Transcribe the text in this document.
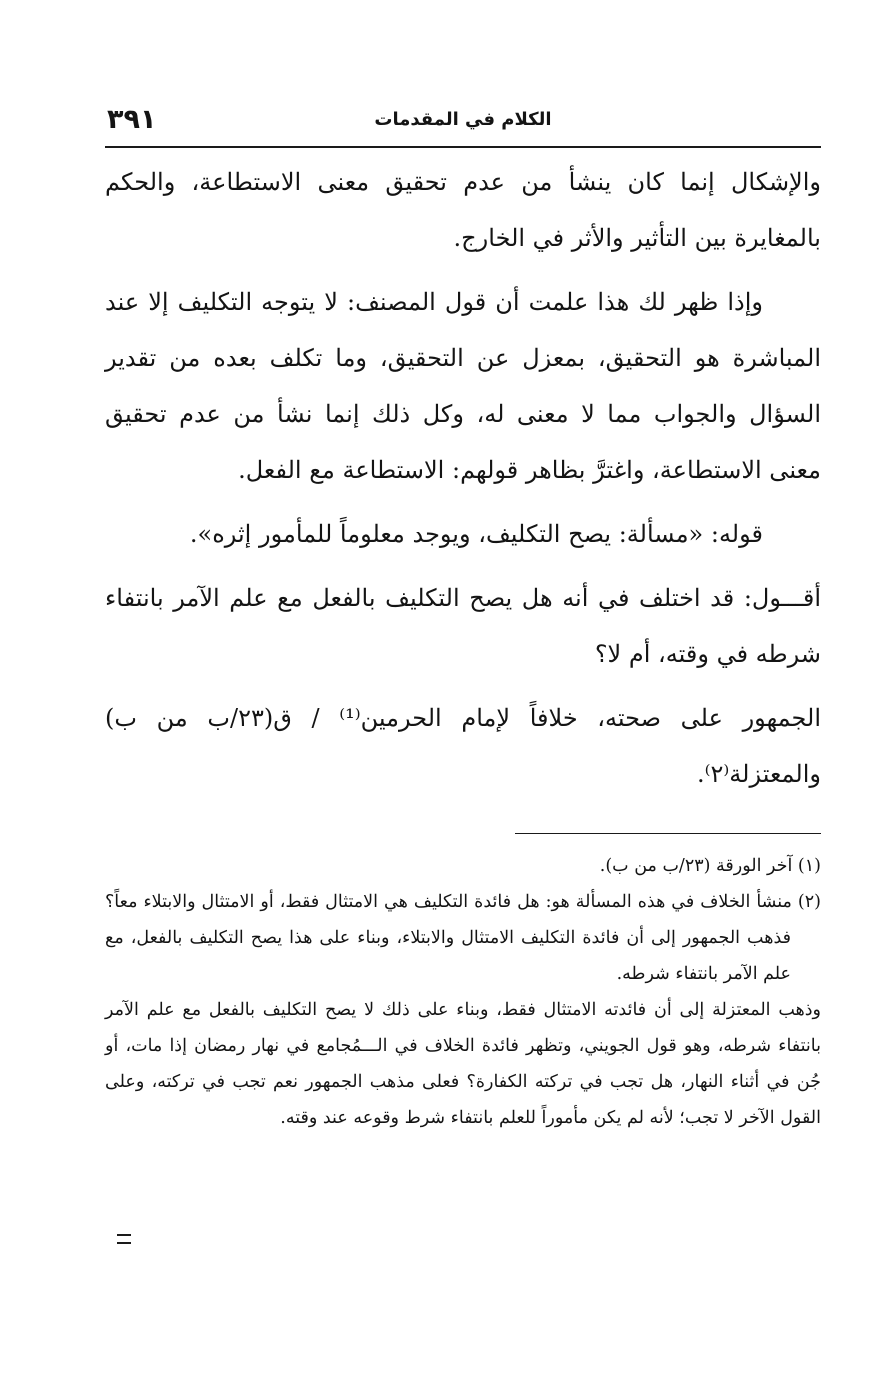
٣٩١	الكلام في المقدمات

والإشكال إنما كان ينشأ من عدم تحقيق معنى الاستطاعة، والحكم بالمغايرة بين التأثير والأثر في الخارج.

وإذا ظهر لك هذا علمت أن قول المصنف: لا يتوجه التكليف إلا عند المباشرة هو التحقيق، بمعزل عن التحقيق، وما تكلف بعده من تقدير السؤال والجواب مما لا معنى له، وكل ذلك إنما نشأ من عدم تحقيق معنى الاستطاعة، واغترَّ بظاهر قولهم: الاستطاعة مع الفعل.

قوله: «مسألة: يصح التكليف، ويوجد معلوماً للمأمور إثره».

أقـــول: قد اختلف في أنه هل يصح التكليف بالفعل مع علم الآمر بانتفاء شرطه في وقته، أم لا؟

الجمهور على صحته، خلافاً لإمام الحرمين⁽¹⁾ / ق(٢٣/ب من ب) والمعتزلة⁽٢⁾.

(١) آخر الورقة (٢٣/ب من ب).

(٢) منشأ الخلاف في هذه المسألة هو: هل فائدة التكليف هي الامتثال فقط، أو الامتثال والابتلاء معاً؟ فذهب الجمهور إلى أن فائدة التكليف الامتثال والابتلاء، وبناء على هذا يصح التكليف بالفعل، مع علم الآمر بانتفاء شرطه.

وذهب المعتزلة إلى أن فائدته الامتثال فقط، وبناء على ذلك لا يصح التكليف بالفعل مع علم الآمر بانتفاء شرطه، وهو قول الجويني، وتظهر فائدة الخلاف في الـــمُجامع في نهار رمضان إذا مات، أو جُن في أثناء النهار، هل تجب في تركته الكفارة؟ فعلى مذهب الجمهور نعم تجب في تركته، وعلى القول الآخر لا تجب؛ لأنه لم يكن مأموراً للعلم بانتفاء شرط وقوعه عند وقته.
